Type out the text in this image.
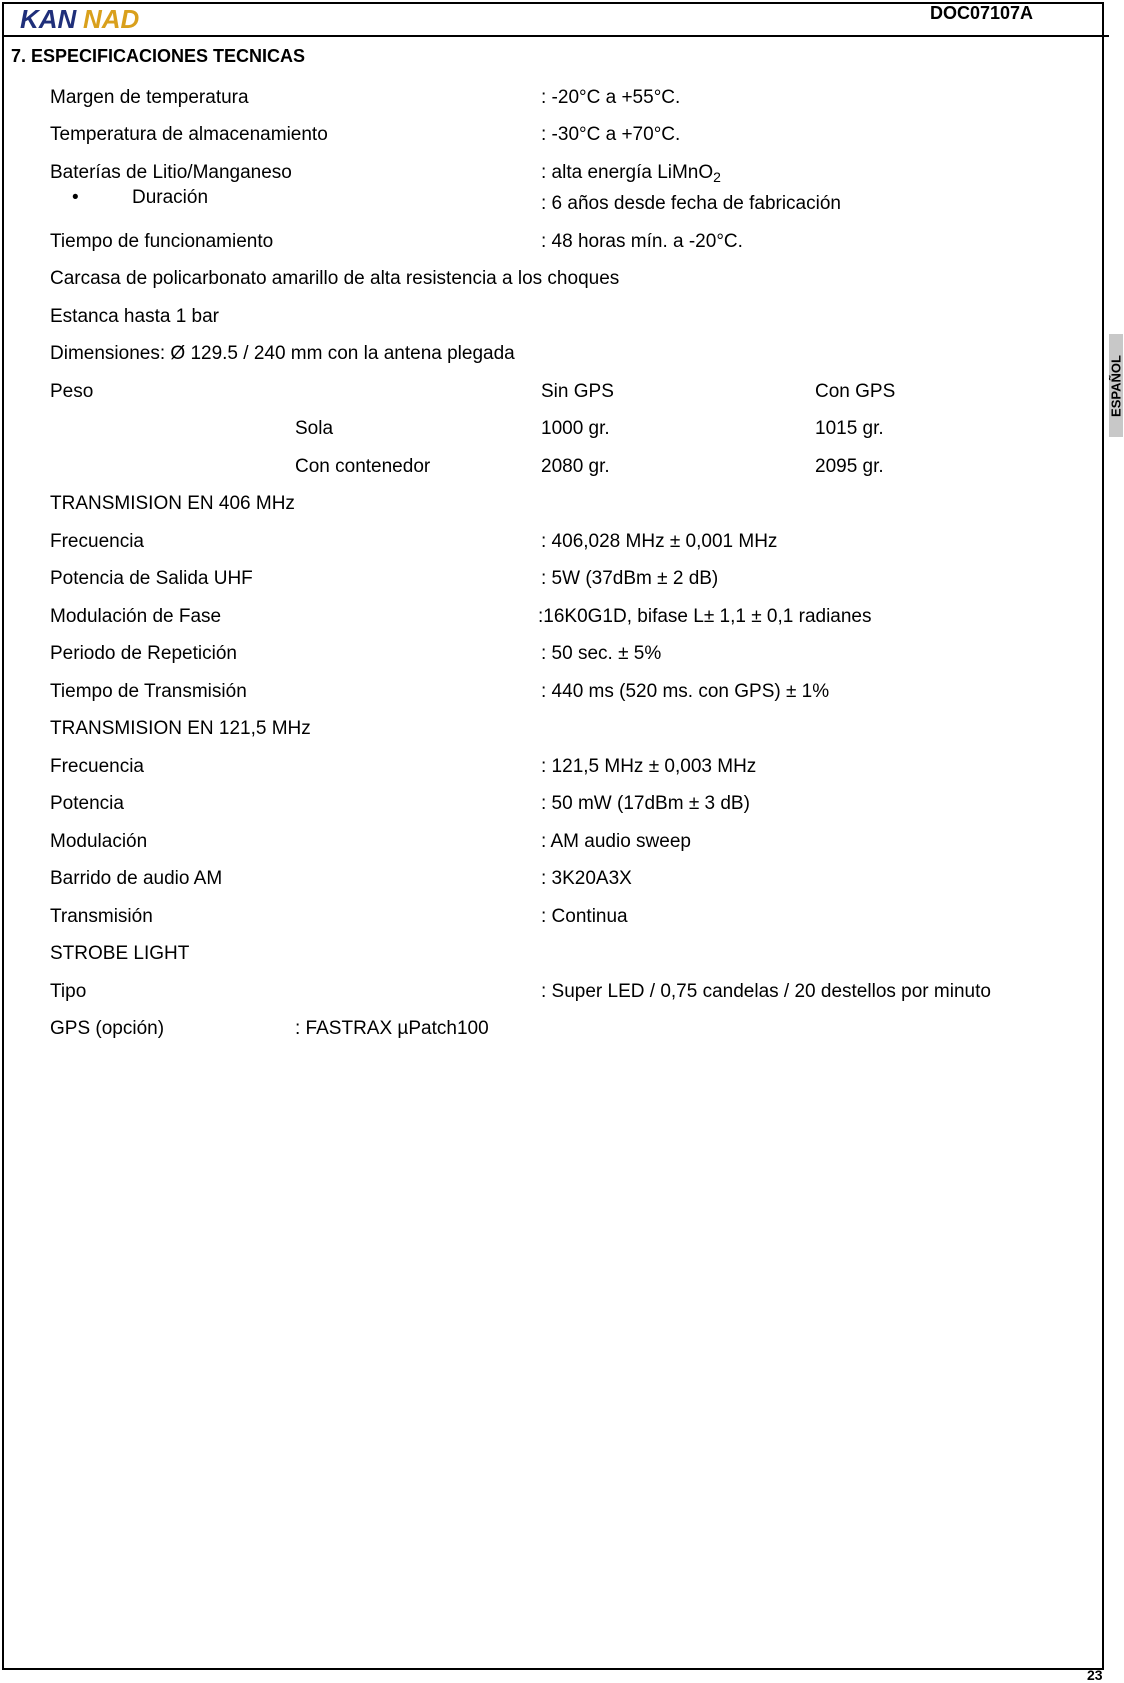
KAN NAD	DOC07107A
7. ESPECIFICACIONES TECNICAS
ESPAÑOL
Margen de temperatura	: -20°C a +55°C.
Temperatura de almacenamiento	: -30°C a +70°C.
Baterías de Litio/Manganeso	: alta energía LiMnO$_2$
•	Duración	: 6 años desde fecha de fabricación
Tiempo de funcionamiento	: 48 horas mín. a -20°C.
Carcasa de policarbonato amarillo de alta resistencia a los choques
Estanca hasta 1 bar
Dimensiones: Ø 129.5 / 240 mm con la antena plegada
Peso	Sin GPS	Con GPS
Sola	1000 gr.	1015 gr.
Con contenedor	2080 gr.	2095 gr.
TRANSMISION EN 406 MHz
Frecuencia	: 406,028 MHz ± 0,001 MHz
Potencia de Salida UHF	: 5W (37dBm ± 2 dB)
Modulación de Fase	:16K0G1D, bifase L± 1,1 ± 0,1 radianes
Periodo de Repetición	: 50 sec. ± 5%
Tiempo de Transmisión	: 440 ms (520 ms. con GPS) ± 1%
TRANSMISION EN 121,5 MHz
Frecuencia	: 121,5 MHz ± 0,003 MHz
Potencia	: 50 mW (17dBm ± 3 dB)
Modulación	: AM audio sweep
Barrido de audio AM	: 3K20A3X
Transmisión	: Continua
STROBE LIGHT
Tipo	: Super LED / 0,75 candelas / 20 destellos por minuto
GPS (opción)	: FASTRAX µPatch100
23
